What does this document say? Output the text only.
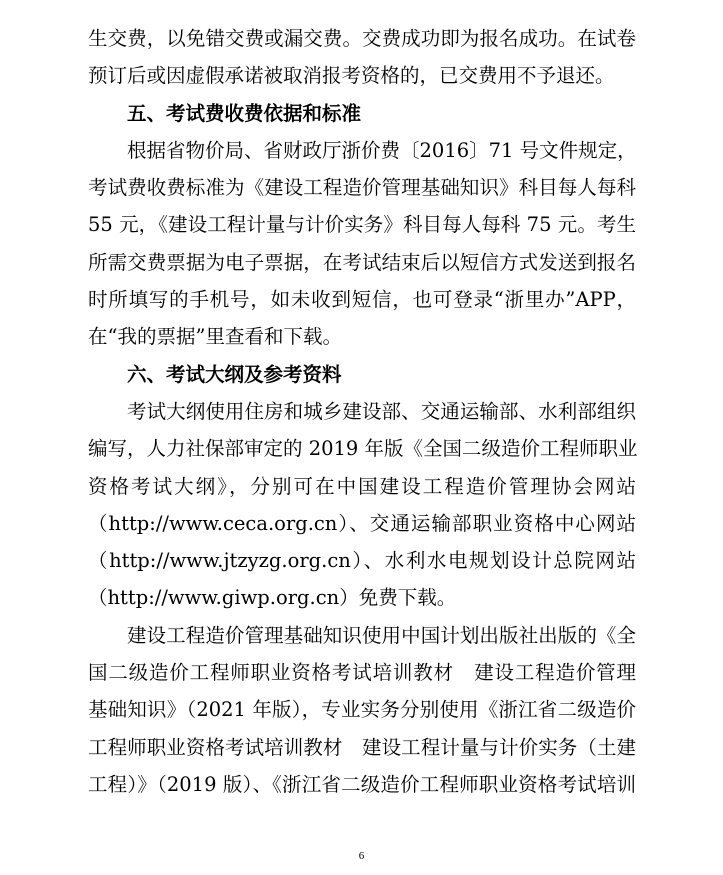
生交费，以免错交费或漏交费。交费成功即为报名成功。在试卷
预订后或因虚假承诺被取消报考资格的，已交费用不予退还。
五、考试费收费依据和标准
根据省物价局、省财政厅浙价费〔2016〕71 号文件规定，
考试费收费标准为《建设工程造价管理基础知识》科目每人每科
55 元，《建设工程计量与计价实务》科目每人每科 75 元。考生
所需交费票据为电子票据，在考试结束后以短信方式发送到报名
时所填写的手机号，如未收到短信，也可登录“浙里办”APP，
在“我的票据”里查看和下载。
六、考试大纲及参考资料
考试大纲使用住房和城乡建设部、交通运输部、水利部组织
编写，人力社保部审定的 2019 年版《全国二级造价工程师职业
资格考试大纲》，分别可在中国建设工程造价管理协会网站
（http://www.ceca.org.cn）、交通运输部职业资格中心网站
（http://www.jtzyzg.org.cn）、水利水电规划设计总院网站
（http://www.giwp.org.cn）免费下载。
建设工程造价管理基础知识使用中国计划出版社出版的《全
国二级造价工程师职业资格考试培训教材　建设工程造价管理
基础知识》（2021 年版），专业实务分别使用《浙江省二级造价
工程师职业资格考试培训教材　建设工程计量与计价实务（土建
工程）》（2019 版）、《浙江省二级造价工程师职业资格考试培训
6
